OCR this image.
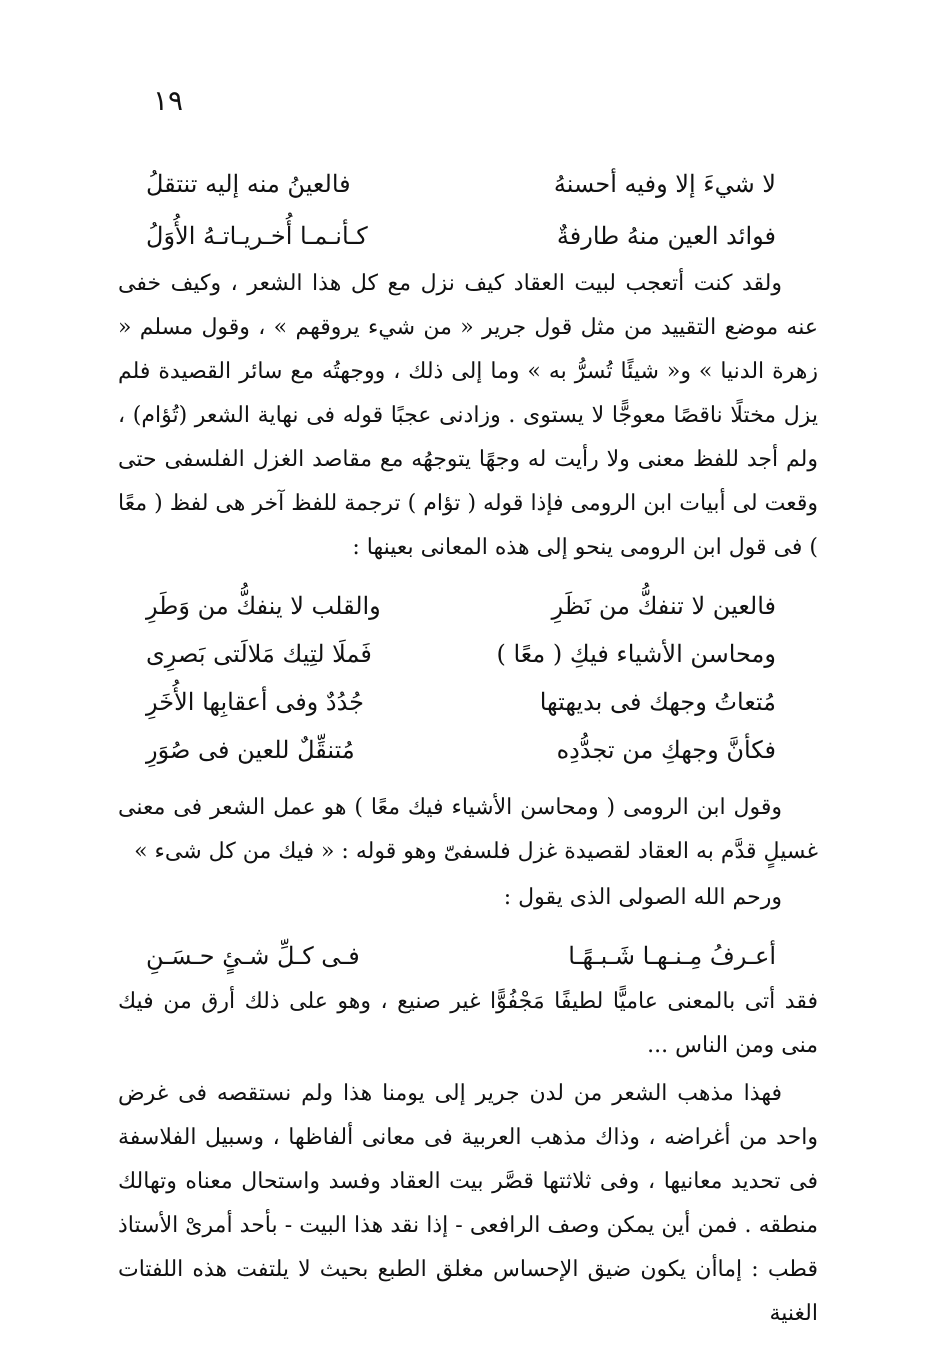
١٩
لا شيءَ إلا وفيه أحسنهُ
فالعينُ منه إليه تنتقلُ
فوائد العين منهُ طارفةٌ
كـأنـمـا أُخـريـاتـهُ الأُوَلُ

ولقد كنت أتعجب لبيت العقاد كيف نزل مع كل هذا الشعر ، وكيف خفى عنه موضع التقييد من مثل قول جرير « من شيء يروقهم » ، وقول مسلم « زهرة الدنيا » و« شيئًا تُسرُّ به » وما إلى ذلك ، ووجهتُه مع سائر القصيدة فلم يزل مختلًا ناقصًا معوجًّا لا يستوى . وزادنى عجبًا قوله فى نهاية الشعر (تُؤام) ، ولم أجد للفظ معنى ولا رأيت له وجهًا يتوجهُه مع مقاصد الغزل الفلسفى حتى وقعت لى أبيات ابن الرومى فإذا قوله ( تؤام ) ترجمة للفظ آخر هى لفظ ( معًا ) فى قول ابن الرومى ينحو إلى هذه المعانى بعينها :

فالعين لا تنفكُّ من نَظَرِ
والقلب لا ينفكُّ من وَطَرِ
ومحاسن الأشياء فيكِ ( معًا )
فَملَا لتِيك مَلالَتى بَصرِى
مُتعاتُ وجهك فى بديهتها
جُدُدٌ وفى أعقابِها الأُخَرِ
فكأنَّ وجهكِ من تجدُّدِه
مُتنقِّلٌ للعين فى صُوَرِ

وقول ابن الرومى ( ومحاسن الأشياء فيك معًا ) هو عمل الشعر فى معنى غسيلٍ قدَّم به العقاد لقصيدة غزل فلسفىّ وهو قوله : « فيك من كل شىء »

ورحم الله الصولى الذى يقول :

أعـرفُ مِـنـهـا شَـبـهًـا
فـى كـلِّ شـئٍ حـسَـنِ

فقد أتى بالمعنى عاميًّا لطيفًا مَجْفُوًّا غير صنيع ، وهو على ذلك أرق من فيك منى ومن الناس ...

فهذا مذهب الشعر من لدن جرير إلى يومنا هذا ولم نستقصه فى غرض واحد من أغراضه ، وذاك مذهب العربية فى معانى ألفاظها ، وسبيل الفلاسفة فى تحديد معانيها ، وفى ثلاثتها قصَّر بيت العقاد وفسد واستحال معناه وتهالك منطقه . فمن أين يمكن وصف الرافعى - إذا نقد هذا البيت - بأحد أمرىْ الأستاذ قطب : إماأن يكون ضيق الإحساس مغلق الطبع بحيث لا يلتفت هذه اللفتات الغنية
